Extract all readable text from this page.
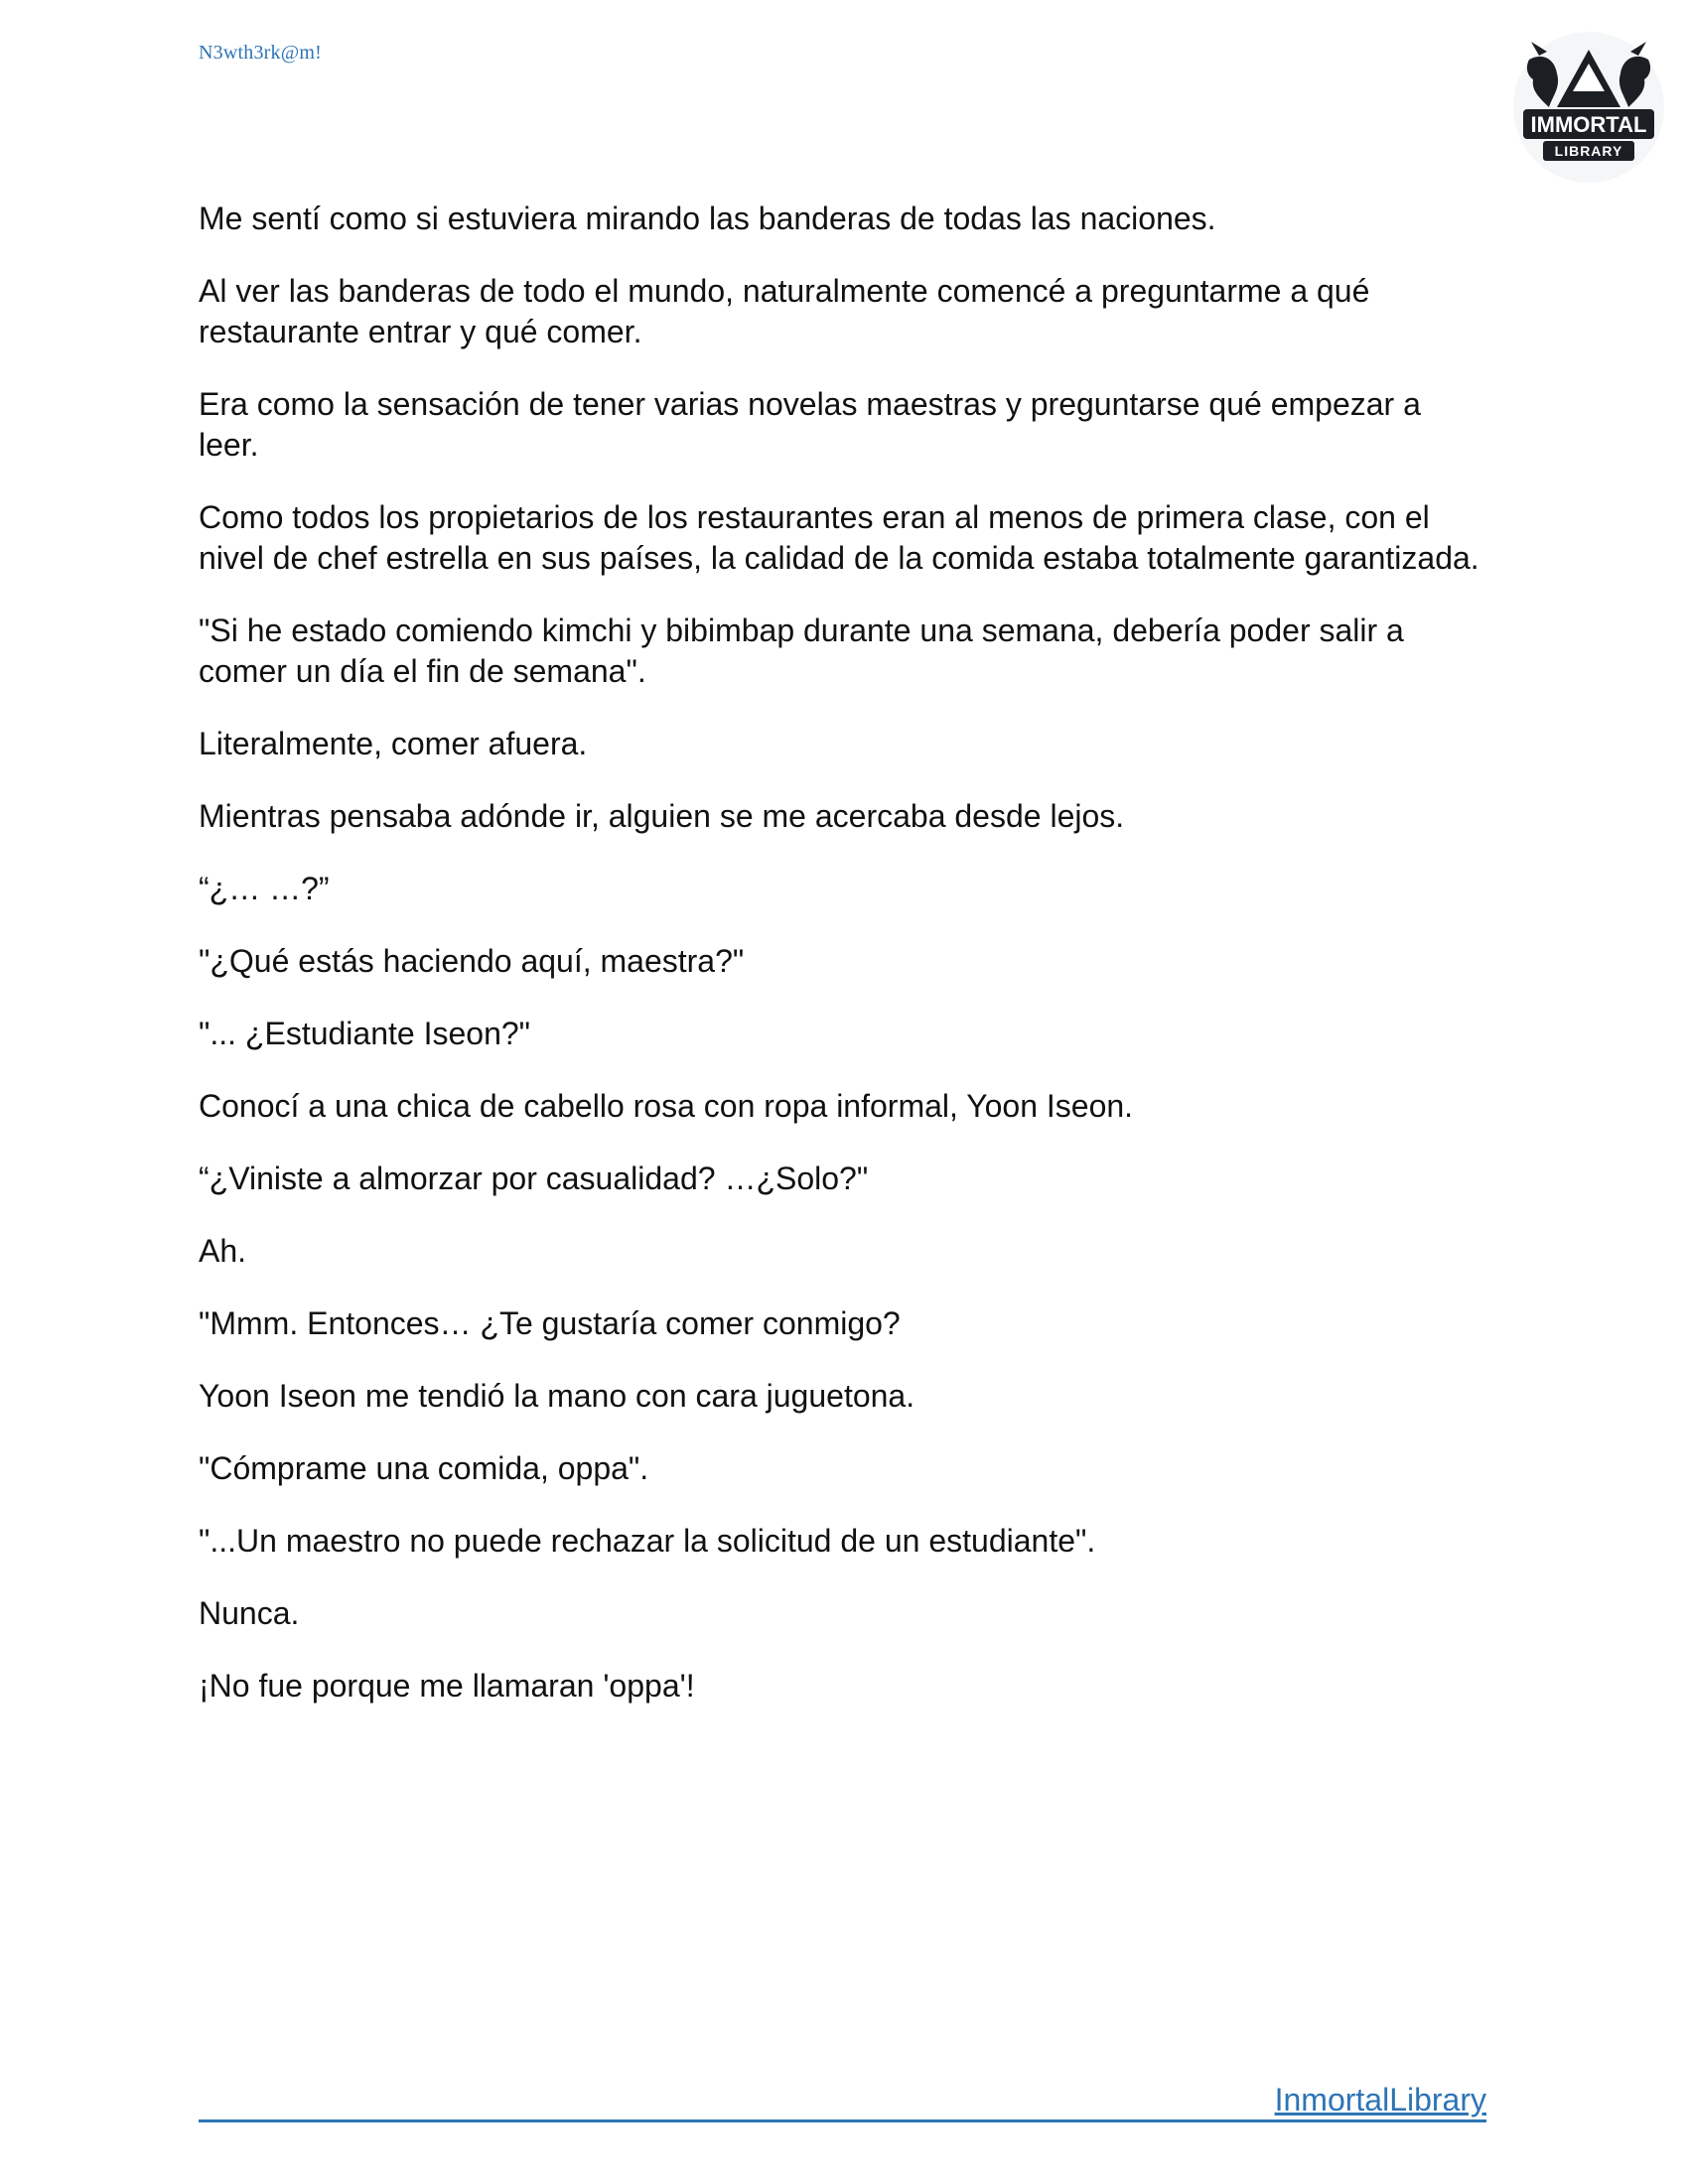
N3wth3rk@m!
IMMORTAL
LIBRARY

Me sentí como si estuviera mirando las banderas de todas las naciones.

Al ver las banderas de todo el mundo, naturalmente comencé a preguntarme a qué restaurante entrar y qué comer.

Era como la sensación de tener varias novelas maestras y preguntarse qué empezar a leer.

Como todos los propietarios de los restaurantes eran al menos de primera clase, con el nivel de chef estrella en sus países, la calidad de la comida estaba totalmente garantizada.

"Si he estado comiendo kimchi y bibimbap durante una semana, debería poder salir a comer un día el fin de semana".

Literalmente, comer afuera.

Mientras pensaba adónde ir, alguien se me acercaba desde lejos.

“¿… …?”

"¿Qué estás haciendo aquí, maestra?"

"... ¿Estudiante Iseon?"

Conocí a una chica de cabello rosa con ropa informal, Yoon Iseon.

“¿Viniste a almorzar por casualidad? …¿Solo?"

Ah.

"Mmm. Entonces… ¿Te gustaría comer conmigo?

Yoon Iseon me tendió la mano con cara juguetona.

"Cómprame una comida, oppa".

"...Un maestro no puede rechazar la solicitud de un estudiante".

Nunca.

¡No fue porque me llamaran 'oppa'!

InmortalLibrary
